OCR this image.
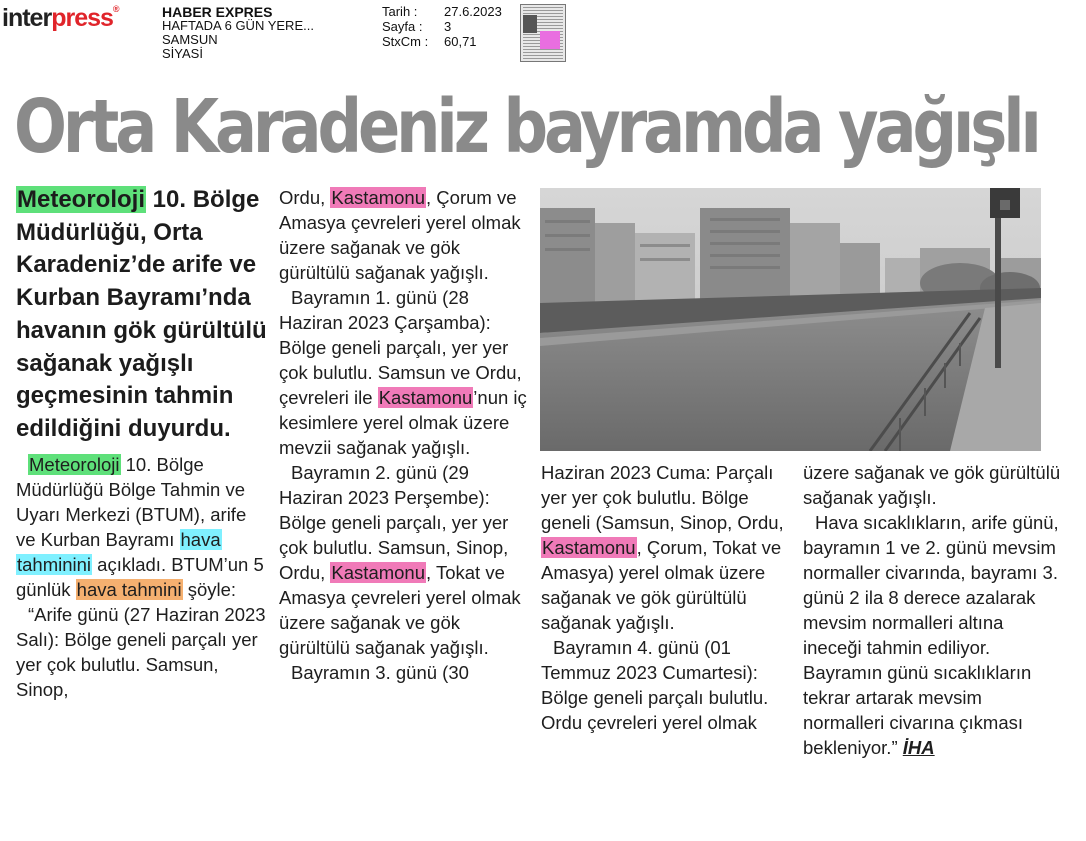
interpress®	HABER EXPRES
HAFTADA 6 GÜN YERE...
SAMSUN
SİYASİ
Tarih :	27.6.2023
Sayfa :	3
StxCm :	60,71
Orta Karadeniz bayramda yağışlı

Meteoroloji 10. Bölge Müdürlüğü, Orta Karadeniz’de arife ve Kurban Bayramı’nda havanın gök gürültülü sağanak yağışlı geçmesinin tahmin edildiğini duyurdu.

Meteoroloji 10. Bölge Müdürlüğü Bölge Tahmin ve Uyarı Merkezi (BTUM), arife ve Kurban Bayramı hava tahminini açıkladı. BTUM’un 5 günlük hava tahmini şöyle:

“Arife günü (27 Haziran 2023 Salı): Bölge geneli parçalı yer yer çok bulutlu. Samsun, Sinop,

Ordu, Kastamonu, Çorum ve Amasya çevreleri yerel olmak üzere sağanak ve gök gürültülü sağanak yağışlı.

Bayramın 1. günü (28 Haziran 2023 Çarşamba): Bölge geneli parçalı, yer yer çok bulutlu. Samsun ve Ordu, çevreleri ile Kastamonu’nun iç kesimlere yerel olmak üzere mevzii sağanak yağışlı.

Bayramın 2. günü (29 Haziran 2023 Perşembe): Bölge geneli parçalı, yer yer çok bulutlu. Samsun, Sinop, Ordu, Kastamonu, Tokat ve Amasya çevreleri yerel olmak üzere sağanak ve gök gürültülü sağanak yağışlı.

Bayramın 3. günü (30

Haziran 2023 Cuma: Parçalı yer yer çok bulutlu. Bölge geneli (Samsun, Sinop, Ordu, Kastamonu, Çorum, Tokat ve Amasya) yerel olmak üzere sağanak ve gök gürültülü sağanak yağışlı.

Bayramın 4. günü (01 Temmuz 2023 Cumartesi): Bölge geneli parçalı bulutlu. Ordu çevreleri yerel olmak

üzere sağanak ve gök gürültülü sağanak yağışlı.

Hava sıcaklıkların, arife günü, bayramın 1 ve 2. günü mevsim normaller civarında, bayramı 3. günü 2 ila 8 derece azalarak mevsim normalleri altına ineceği tahmin ediliyor. Bayramın günü sıcaklıkların tekrar artarak mevsim normalleri civarına çıkması bekleniyor.” İHA
